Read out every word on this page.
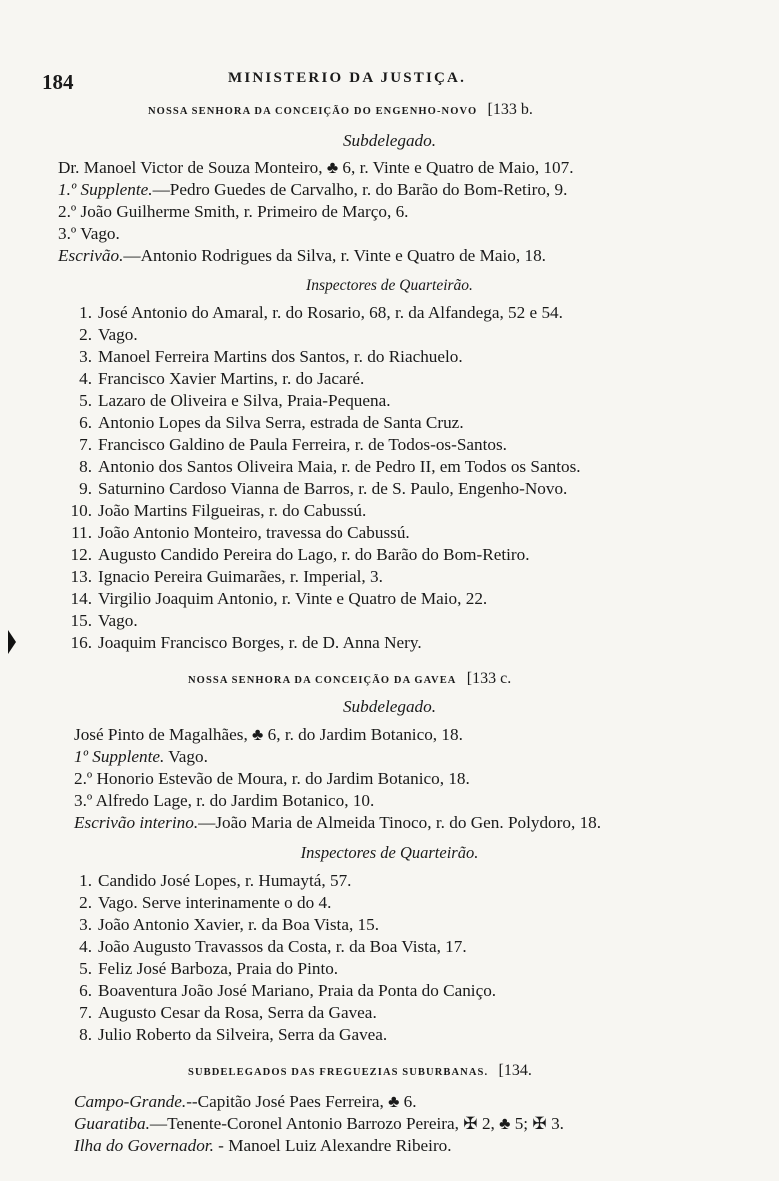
184	MINISTERIO DA JUSTIÇA.
NOSSA SENHORA DA CONCEIÇÃO DO ENGENHO-NOVO [133 b.
Subdelegado.
Dr. Manoel Victor de Souza Monteiro, ♣ 6, r. Vinte e Quatro de Maio, 107.
1.º Supplente.—Pedro Guedes de Carvalho, r. do Barão do Bom-Retiro, 9.
2.º João Guilherme Smith, r. Primeiro de Março, 6.
3.º Vago.
Escrivão.—Antonio Rodrigues da Silva, r. Vinte e Quatro de Maio, 18.
Inspectores de Quarteirão.
1. José Antonio do Amaral, r. do Rosario, 68, r. da Alfandega, 52 e 54.
2. Vago.
3. Manoel Ferreira Martins dos Santos, r. do Riachuelo.
4. Francisco Xavier Martins, r. do Jacaré.
5. Lazaro de Oliveira e Silva, Praia-Pequena.
6. Antonio Lopes da Silva Serra, estrada de Santa Cruz.
7. Francisco Galdino de Paula Ferreira, r. de Todos-os-Santos.
8. Antonio dos Santos Oliveira Maia, r. de Pedro II, em Todos os Santos.
9. Saturnino Cardoso Vianna de Barros, r. de S. Paulo, Engenho-Novo.
10. João Martins Filgueiras, r. do Cabussú.
11. João Antonio Monteiro, travessa do Cabussú.
12. Augusto Candido Pereira do Lago, r. do Barão do Bom-Retiro.
13. Ignacio Pereira Guimarães, r. Imperial, 3.
14. Virgilio Joaquim Antonio, r. Vinte e Quatro de Maio, 22.
15. Vago.
16. Joaquim Francisco Borges, r. de D. Anna Nery.
NOSSA SENHORA DA CONCEIÇÃO DA GAVEA [133 c.
Subdelegado.
José Pinto de Magalhães, ♣ 6, r. do Jardim Botanico, 18.
1º Supplente. Vago.
2.º Honorio Estevão de Moura, r. do Jardim Botanico, 18.
3.º Alfredo Lage, r. do Jardim Botanico, 10.
Escrivão interino.—João Maria de Almeida Tinoco, r. do Gen. Polydoro, 18.
Inspectores de Quarteirão.
1. Candido José Lopes, r. Humaytá, 57.
2. Vago. Serve interinamente o do 4.
3. João Antonio Xavier, r. da Boa Vista, 15.
4. João Augusto Travassos da Costa, r. da Boa Vista, 17.
5. Feliz José Barboza, Praia do Pinto.
6. Boaventura João José Mariano, Praia da Ponta do Caniço.
7. Augusto Cesar da Rosa, Serra da Gavea.
8. Julio Roberto da Silveira, Serra da Gavea.
SUBDELEGADOS DAS FREGUEZIAS SUBURBANAS. [134.
Campo-Grande.--Capitão José Paes Ferreira, ♣ 6.
Guaratiba.—Tenente-Coronel Antonio Barrozo Pereira, ✠ 2, ♣ 5; ✠ 3.
Ilha do Governador. - Manoel Luiz Alexandre Ribeiro.
